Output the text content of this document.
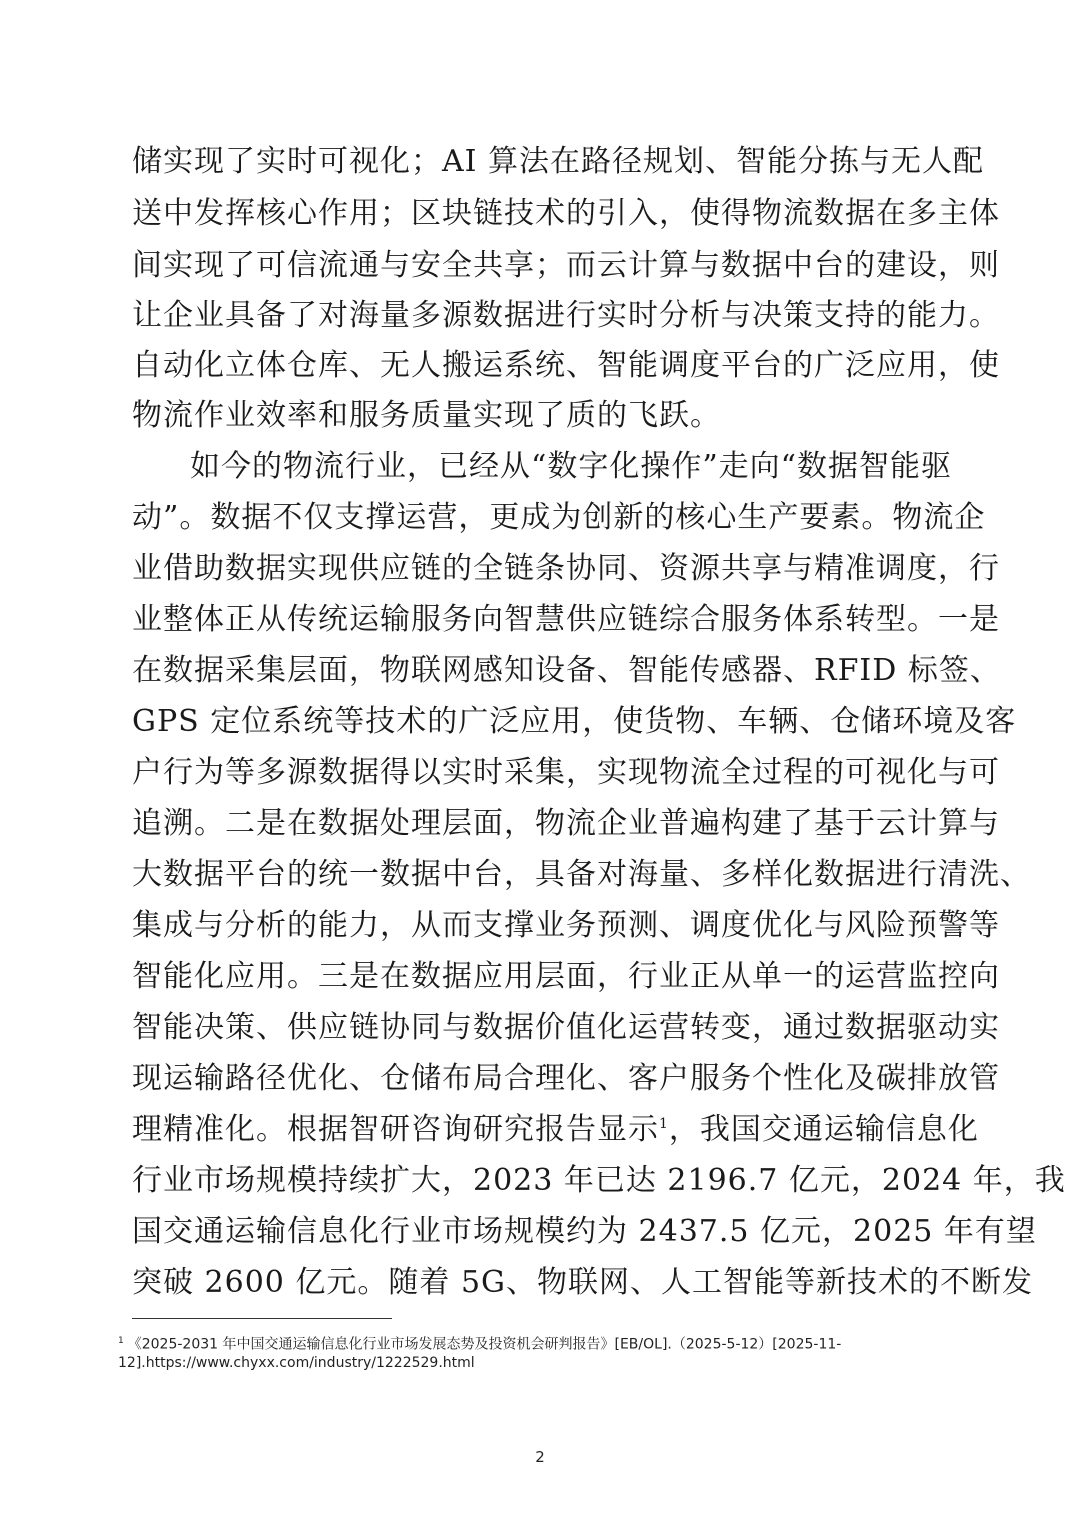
储实现了实时可视化；AI 算法在路径规划、智能分拣与无人配
送中发挥核心作用；区块链技术的引入，使得物流数据在多主体
间实现了可信流通与安全共享；而云计算与数据中台的建设，则
让企业具备了对海量多源数据进行实时分析与决策支持的能力。
自动化立体仓库、无人搬运系统、智能调度平台的广泛应用，使
物流作业效率和服务质量实现了质的飞跃。
如今的物流行业，已经从“数字化操作”走向“数据智能驱
动”。数据不仅支撑运营，更成为创新的核心生产要素。物流企
业借助数据实现供应链的全链条协同、资源共享与精准调度，行
业整体正从传统运输服务向智慧供应链综合服务体系转型。一是
在数据采集层面，物联网感知设备、智能传感器、RFID 标签、
GPS 定位系统等技术的广泛应用，使货物、车辆、仓储环境及客
户行为等多源数据得以实时采集，实现物流全过程的可视化与可
追溯。二是在数据处理层面，物流企业普遍构建了基于云计算与
大数据平台的统一数据中台，具备对海量、多样化数据进行清洗、
集成与分析的能力，从而支撑业务预测、调度优化与风险预警等
智能化应用。三是在数据应用层面，行业正从单一的运营监控向
智能决策、供应链协同与数据价值化运营转变，通过数据驱动实
现运输路径优化、仓储布局合理化、客户服务个性化及碳排放管
理精准化。根据智研咨询研究报告显示$^1$，我国交通运输信息化
行业市场规模持续扩大，2023 年已达 2196.7 亿元，2024 年，我
国交通运输信息化行业市场规模约为 2437.5 亿元，2025 年有望
突破 2600 亿元。随着 5G、物联网、人工智能等新技术的不断发
$^1$ 《2025-2031 年中国交通运输信息化行业市场发展态势及投资机会研判报告》[EB/OL].（2025-5-12）[2025-11-
12].https://www.chyxx.com/industry/1222529.html
2
